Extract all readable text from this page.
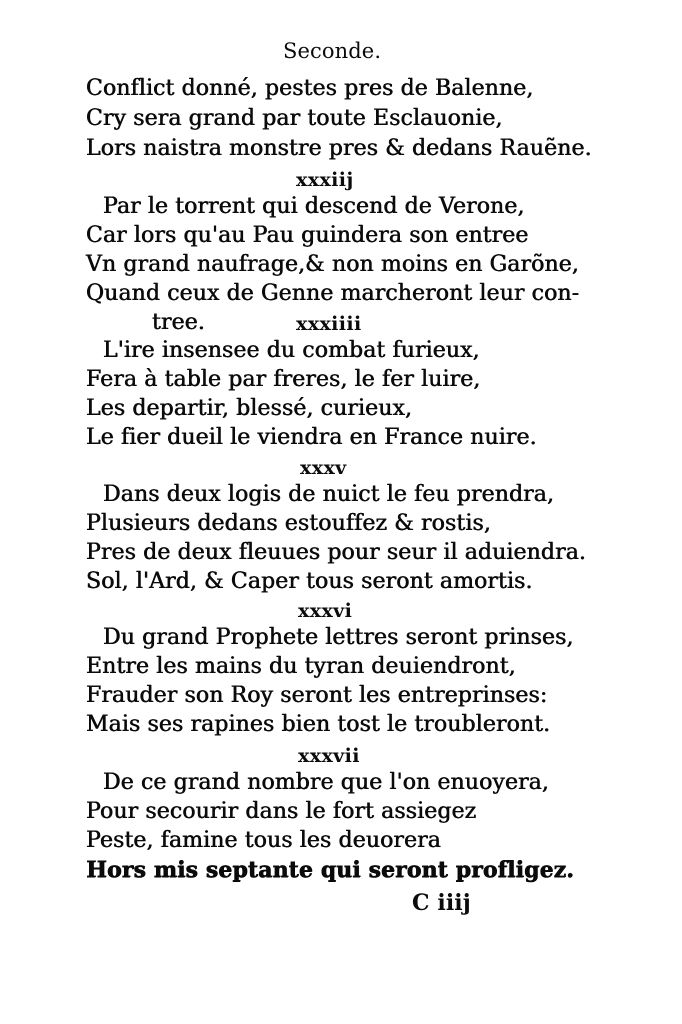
Seconde.
Conflict donné, pestes pres de Balenne,
Cry sera grand par toute Esclauonie,
Lors naistra monstre pres & dedans Rauẽne.
xxxiij
Par le torrent qui descend de Verone,
Car lors qu'au Pau guindera son entree
Vn grand naufrage,& non moins en Garõne,
Quand ceux de Genne marcheront leur con-
tree.	xxxiiii
L'ire insensee du combat furieux,
Fera à table par freres, le fer luire,
Les departir, blessé, curieux,
Le fier dueil le viendra en France nuire.
xxxv
Dans deux logis de nuict le feu prendra,
Plusieurs dedans estouffez & rostis,
Pres de deux fleuues pour seur il aduiendra.
Sol, l'Ard, & Caper tous seront amortis.
xxxvi
Du grand Prophete lettres seront prinses,
Entre les mains du tyran deuiendront,
Frauder son Roy seront les entreprinses:
Mais ses rapines bien tost le troubleront.
xxxvii
De ce grand nombre que l'on enuoyera,
Pour secourir dans le fort assiegez
Peste, famine tous les deuorera
Hors mis septante qui seront profligez.
C iiij
